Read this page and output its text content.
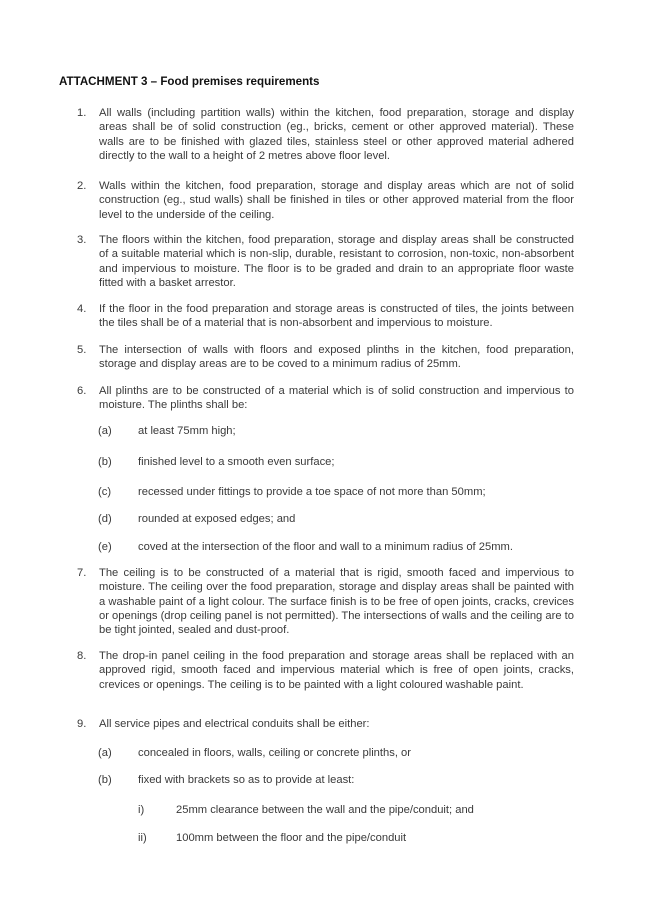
ATTACHMENT 3 – Food premises requirements
1. All walls (including partition walls) within the kitchen, food preparation, storage and display areas shall be of solid construction (eg., bricks, cement or other approved material). These walls are to be finished with glazed tiles, stainless steel or other approved material adhered directly to the wall to a height of 2 metres above floor level.
2. Walls within the kitchen, food preparation, storage and display areas which are not of solid construction (eg., stud walls) shall be finished in tiles or other approved material from the floor level to the underside of the ceiling.
3. The floors within the kitchen, food preparation, storage and display areas shall be constructed of a suitable material which is non-slip, durable, resistant to corrosion, non-toxic, non-absorbent and impervious to moisture. The floor is to be graded and drain to an appropriate floor waste fitted with a basket arrestor.
4. If the floor in the food preparation and storage areas is constructed of tiles, the joints between the tiles shall be of a material that is non-absorbent and impervious to moisture.
5. The intersection of walls with floors and exposed plinths in the kitchen, food preparation, storage and display areas are to be coved to a minimum radius of 25mm.
6. All plinths are to be constructed of a material which is of solid construction and impervious to moisture. The plinths shall be:
(a) at least 75mm high;
(b) finished level to a smooth even surface;
(c) recessed under fittings to provide a toe space of not more than 50mm;
(d) rounded at exposed edges; and
(e) coved at the intersection of the floor and wall to a minimum radius of 25mm.
7. The ceiling is to be constructed of a material that is rigid, smooth faced and impervious to moisture. The ceiling over the food preparation, storage and display areas shall be painted with a washable paint of a light colour. The surface finish is to be free of open joints, cracks, crevices or openings (drop ceiling panel is not permitted). The intersections of walls and the ceiling are to be tight jointed, sealed and dust-proof.
8. The drop-in panel ceiling in the food preparation and storage areas shall be replaced with an approved rigid, smooth faced and impervious material which is free of open joints, cracks, crevices or openings. The ceiling is to be painted with a light coloured washable paint.
9. All service pipes and electrical conduits shall be either:
(a) concealed in floors, walls, ceiling or concrete plinths, or
(b) fixed with brackets so as to provide at least:
i)	25mm clearance between the wall and the pipe/conduit; and
ii)	100mm between the floor and the pipe/conduit
